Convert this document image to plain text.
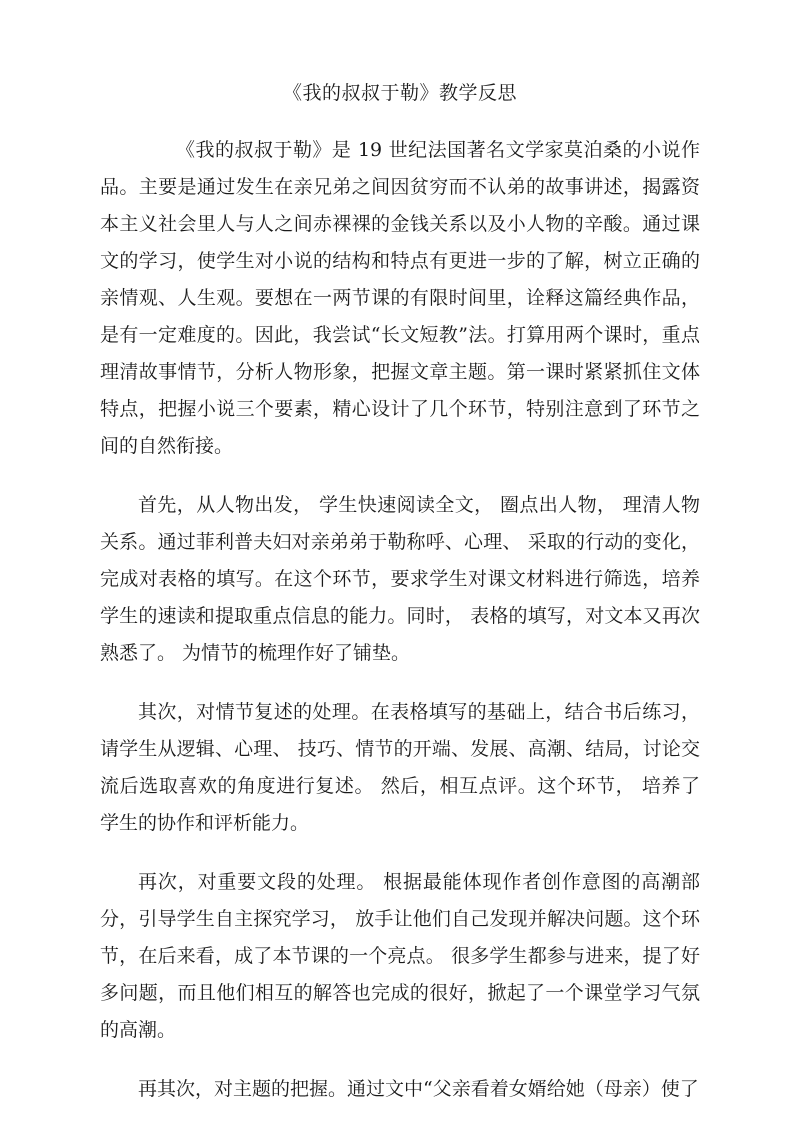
《我的叔叔于勒》教学反思

《我的叔叔于勒》是 19 世纪法国著名文学家莫泊桑的小说作品。主要是通过发生在亲兄弟之间因贫穷而不认弟的故事讲述，揭露资本主义社会里人与人之间赤裸裸的金钱关系以及小人物的辛酸。通过课文的学习，使学生对小说的结构和特点有更进一步的了解，树立正确的亲情观、人生观。要想在一两节课的有限时间里，诠释这篇经典作品，是有一定难度的。因此，我尝试“长文短教”法。打算用两个课时，重点理清故事情节，分析人物形象，把握文章主题。第一课时紧紧抓住文体特点，把握小说三个要素，精心设计了几个环节，特别注意到了环节之间的自然衔接。

首先，从人物出发， 学生快速阅读全文， 圈点出人物， 理清人物关系。通过菲利普夫妇对亲弟弟于勒称呼、心理、 采取的行动的变化，完成对表格的填写。在这个环节，要求学生对课文材料进行筛选，培养学生的速读和提取重点信息的能力。同时， 表格的填写，对文本又再次熟悉了。 为情节的梳理作好了铺垫。

其次，对情节复述的处理。在表格填写的基础上，结合书后练习， 请学生从逻辑、心理、 技巧、情节的开端、发展、高潮、结局，讨论交流后选取喜欢的角度进行复述。 然后，相互点评。这个环节， 培养了学生的协作和评析能力。

再次，对重要文段的处理。 根据最能体现作者创作意图的高潮部分，引导学生自主探究学习， 放手让他们自己发现并解决问题。这个环节，在后来看，成了本节课的一个亮点。 很多学生都参与进来，提了好多问题，而且他们相互的解答也完成的很好，掀起了一个课堂学习气氛的高潮。

再其次，对主题的把握。通过文中“父亲看着女婿给她（母亲）使了
